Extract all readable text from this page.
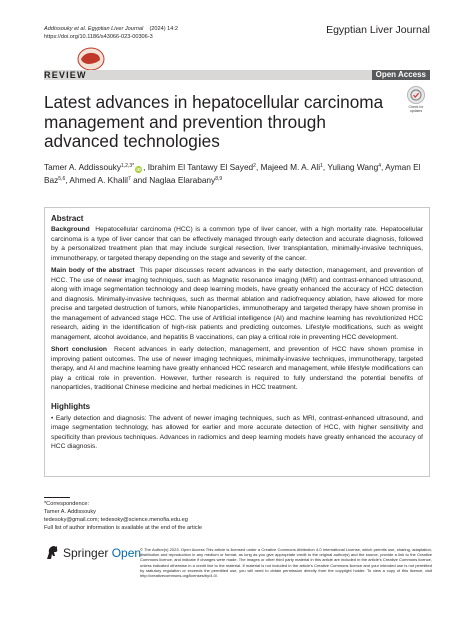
Addissouky et al. Egyptian Liver Journal (2024) 14:2
https://doi.org/10.1186/s43066-023-00306-3
Egyptian Liver Journal
REVIEW	Open Access
Check for
updates
Latest advances in hepatocellular carcinoma management and prevention through advanced technologies
Tamer A. Addissouky$^{1,2,3*}$iD , Ibrahim El Tantawy El Sayed$^2$, Majeed M. A. Ali$^1$, Yuliang Wang$^4$, Ayman El Baz$^{5,6}$, Ahmed A. Khalil$^7$ and Naglaa Elarabany$^{8,9}$
Abstract

Background Hepatocellular carcinoma (HCC) is a common type of liver cancer, with a high mortality rate. Hepatocellular carcinoma is a type of liver cancer that can be effectively managed through early detection and accurate diagnosis, followed by a personalized treatment plan that may include surgical resection, liver transplantation, minimally-invasive techniques, immunotherapy, or targeted therapy depending on the stage and severity of the cancer.

Main body of the abstract This paper discusses recent advances in the early detection, management, and prevention of HCC. The use of newer imaging techniques, such as Magnetic resonance imaging (MRI) and contrast-enhanced ultrasound, along with image segmentation technology and deep learning models, have greatly enhanced the accuracy of HCC detection and diagnosis. Minimally-invasive techniques, such as thermal ablation and radiofrequency ablation, have allowed for more precise and targeted destruction of tumors, while Nanoparticles, immunotherapy and targeted therapy have shown promise in the management of advanced stage HCC. The use of Artificial intelligence (AI) and machine learning has revolutionized HCC research, aiding in the identification of high-risk patients and predicting outcomes. Lifestyle modifications, such as weight management, alcohol avoidance, and hepatitis B vaccinations, can play a critical role in preventing HCC development.

Short conclusion Recent advances in early detection, management, and prevention of HCC have shown promise in improving patient outcomes. The use of newer imaging techniques, minimally-invasive techniques, immunotherapy, targeted therapy, and AI and machine learning have greatly enhanced HCC research and management, while lifestyle modifications can play a critical role in prevention. However, further research is required to fully understand the potential benefits of nanoparticles, traditional Chinese medicine and herbal medicines in HCC treatment.

Highlights

• Early detection and diagnosis: The advent of newer imaging techniques, such as MRI, contrast-enhanced ultrasound, and image segmentation technology, has allowed for earlier and more accurate detection of HCC, with higher sensitivity and specificity than previous techniques. Advances in radiomics and deep learning models have greatly enhanced the accuracy of HCC diagnosis.

*Correspondence:
Tamer A. Addissouky
tedesoky@gmail.com; tedesoky@science.menofia.edu.eg
Full list of author information is available at the end of the article
Springer Open

© The Author(s) 2023. Open Access This article is licensed under a Creative Commons Attribution 4.0 International License, which permits use, sharing, adaptation, distribution and reproduction in any medium or format, as long as you give appropriate credit to the original author(s) and the source, provide a link to the Creative Commons licence, and indicate if changes were made. The images or other third party material in this article are included in the article's Creative Commons licence, unless indicated otherwise in a credit line to the material. If material is not included in the article's Creative Commons licence and your intended use is not permitted by statutory regulation or exceeds the permitted use, you will need to obtain permission directly from the copyright holder. To view a copy of this licence, visit http://creativecommons.org/licenses/by/4.0/.
